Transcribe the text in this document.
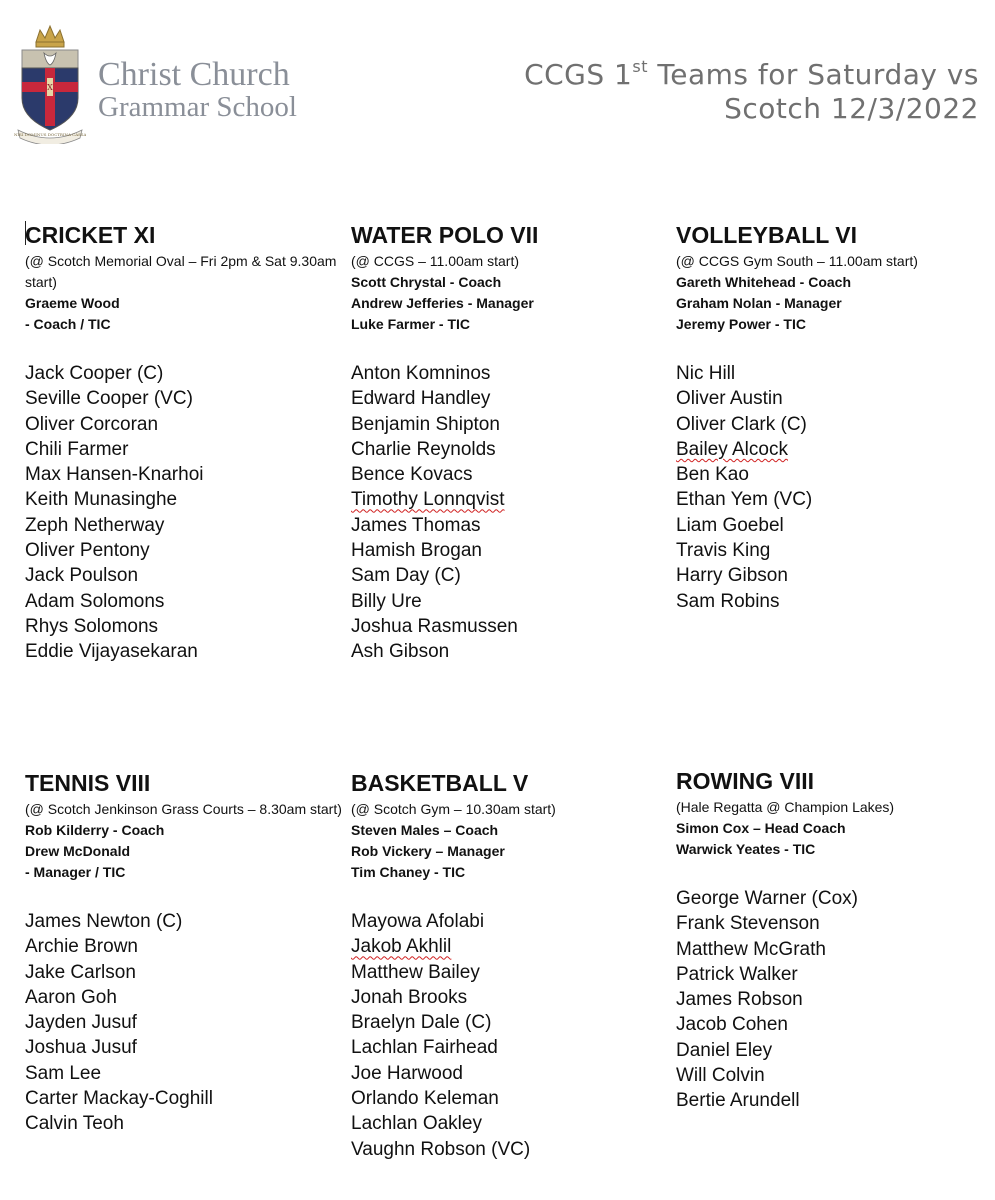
X
NISI DOMINUS DOCTRINA CASSA
Christ Church
Grammar School
CCGS 1st Teams for Saturday vs
Scotch 12/3/2022
CRICKET XI

(@ Scotch Memorial Oval – Fri 2pm & Sat 9.30am start)

Graeme Wood

- Coach / TIC

Jack Cooper (C)
Seville Cooper (VC)
Oliver Corcoran
Chili Farmer
Max Hansen-Knarhoi
Keith Munasinghe
Zeph Netherway
Oliver Pentony
Jack Poulson
Adam Solomons
Rhys Solomons
Eddie Vijayasekaran
WATER POLO VII

(@ CCGS – 11.00am start)

Scott Chrystal - Coach

Andrew Jefferies - Manager

Luke Farmer - TIC

Anton Komninos
Edward Handley
Benjamin Shipton
Charlie Reynolds
Bence Kovacs
Timothy Lonnqvist
James Thomas
Hamish Brogan
Sam Day (C)
Billy Ure
Joshua Rasmussen
Ash Gibson
VOLLEYBALL VI

(@ CCGS Gym South – 11.00am start)

Gareth Whitehead - Coach

Graham Nolan - Manager

Jeremy Power - TIC

Nic Hill
Oliver Austin
Oliver Clark (C)
Bailey Alcock
Ben Kao
Ethan Yem (VC)
Liam Goebel
Travis King
Harry Gibson
Sam Robins
TENNIS VIII

(@ Scotch Jenkinson Grass Courts – 8.30am start)

Rob Kilderry - Coach

Drew McDonald

- Manager / TIC

James Newton (C)
Archie Brown
Jake Carlson
Aaron Goh
Jayden Jusuf
Joshua Jusuf
Sam Lee
Carter Mackay-Coghill
Calvin Teoh
BASKETBALL V

(@ Scotch Gym – 10.30am start)

Steven Males – Coach

Rob Vickery – Manager

Tim Chaney - TIC

Mayowa Afolabi
Jakob Akhlil
Matthew Bailey
Jonah Brooks
Braelyn Dale (C)
Lachlan Fairhead
Joe Harwood
Orlando Keleman
Lachlan Oakley
Vaughn Robson (VC)
ROWING VIII

(Hale Regatta @ Champion Lakes)

Simon Cox – Head Coach

Warwick Yeates - TIC

George Warner (Cox)
Frank Stevenson
Matthew McGrath
Patrick Walker
James Robson
Jacob Cohen
Daniel Eley
Will Colvin
Bertie Arundell
